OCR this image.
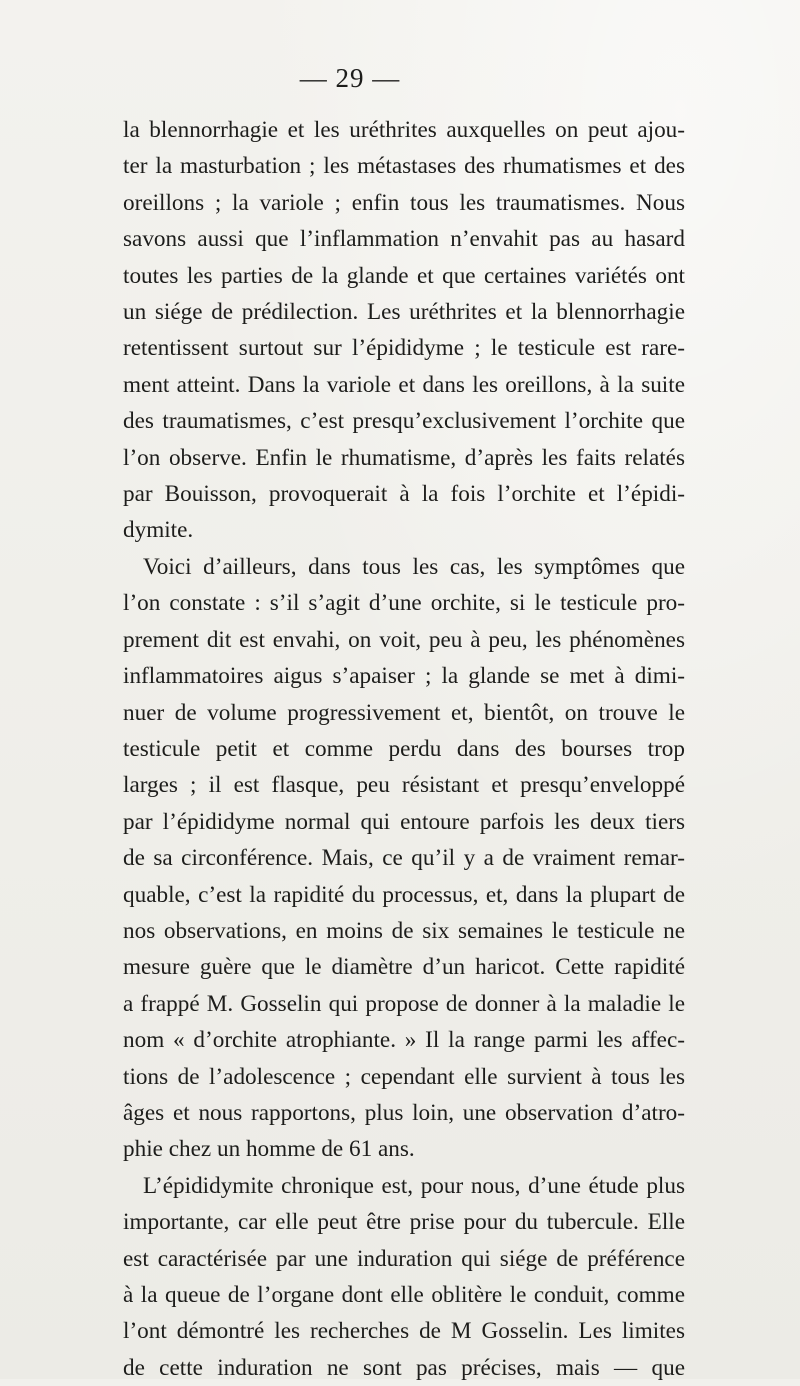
— 29 —

la blennorrhagie et les uréthrites auxquelles on peut ajou-
ter la masturbation ; les métastases des rhumatismes et des
oreillons ; la variole ; enfin tous les traumatismes. Nous
savons aussi que l’inflammation n’envahit pas au hasard
toutes les parties de la glande et que certaines variétés ont
un siége de prédilection. Les uréthrites et la blennorrhagie
retentissent surtout sur l’épididyme ; le testicule est rare-
ment atteint. Dans la variole et dans les oreillons, à la suite
des traumatismes, c’est presqu’exclusivement l’orchite que
l’on observe. Enfin le rhumatisme, d’après les faits relatés
par Bouisson, provoquerait à la fois l’orchite et l’épidi-
dymite.

Voici d’ailleurs, dans tous les cas, les symptômes que
l’on constate : s’il s’agit d’une orchite, si le testicule pro-
prement dit est envahi, on voit, peu à peu, les phénomènes
inflammatoires aigus s’apaiser ; la glande se met à dimi-
nuer de volume progressivement et, bientôt, on trouve le
testicule petit et comme perdu dans des bourses trop
larges ; il est flasque, peu résistant et presqu’enveloppé
par l’épididyme normal qui entoure parfois les deux tiers
de sa circonférence. Mais, ce qu’il y a de vraiment remar-
quable, c’est la rapidité du processus, et, dans la plupart de
nos observations, en moins de six semaines le testicule ne
mesure guère que le diamètre d’un haricot. Cette rapidité
a frappé M. Gosselin qui propose de donner à la maladie le
nom « d’orchite atrophiante. » Il la range parmi les affec-
tions de l’adolescence ; cependant elle survient à tous les
âges et nous rapportons, plus loin, une observation d’atro-
phie chez un homme de 61 ans.

L’épididymite chronique est, pour nous, d’une étude plus
importante, car elle peut être prise pour du tubercule. Elle
est caractérisée par une induration qui siége de préférence
à la queue de l’organe dont elle oblitère le conduit, comme
l’ont démontré les recherches de M Gosselin. Les limites
de cette induration ne sont pas précises, mais — que
